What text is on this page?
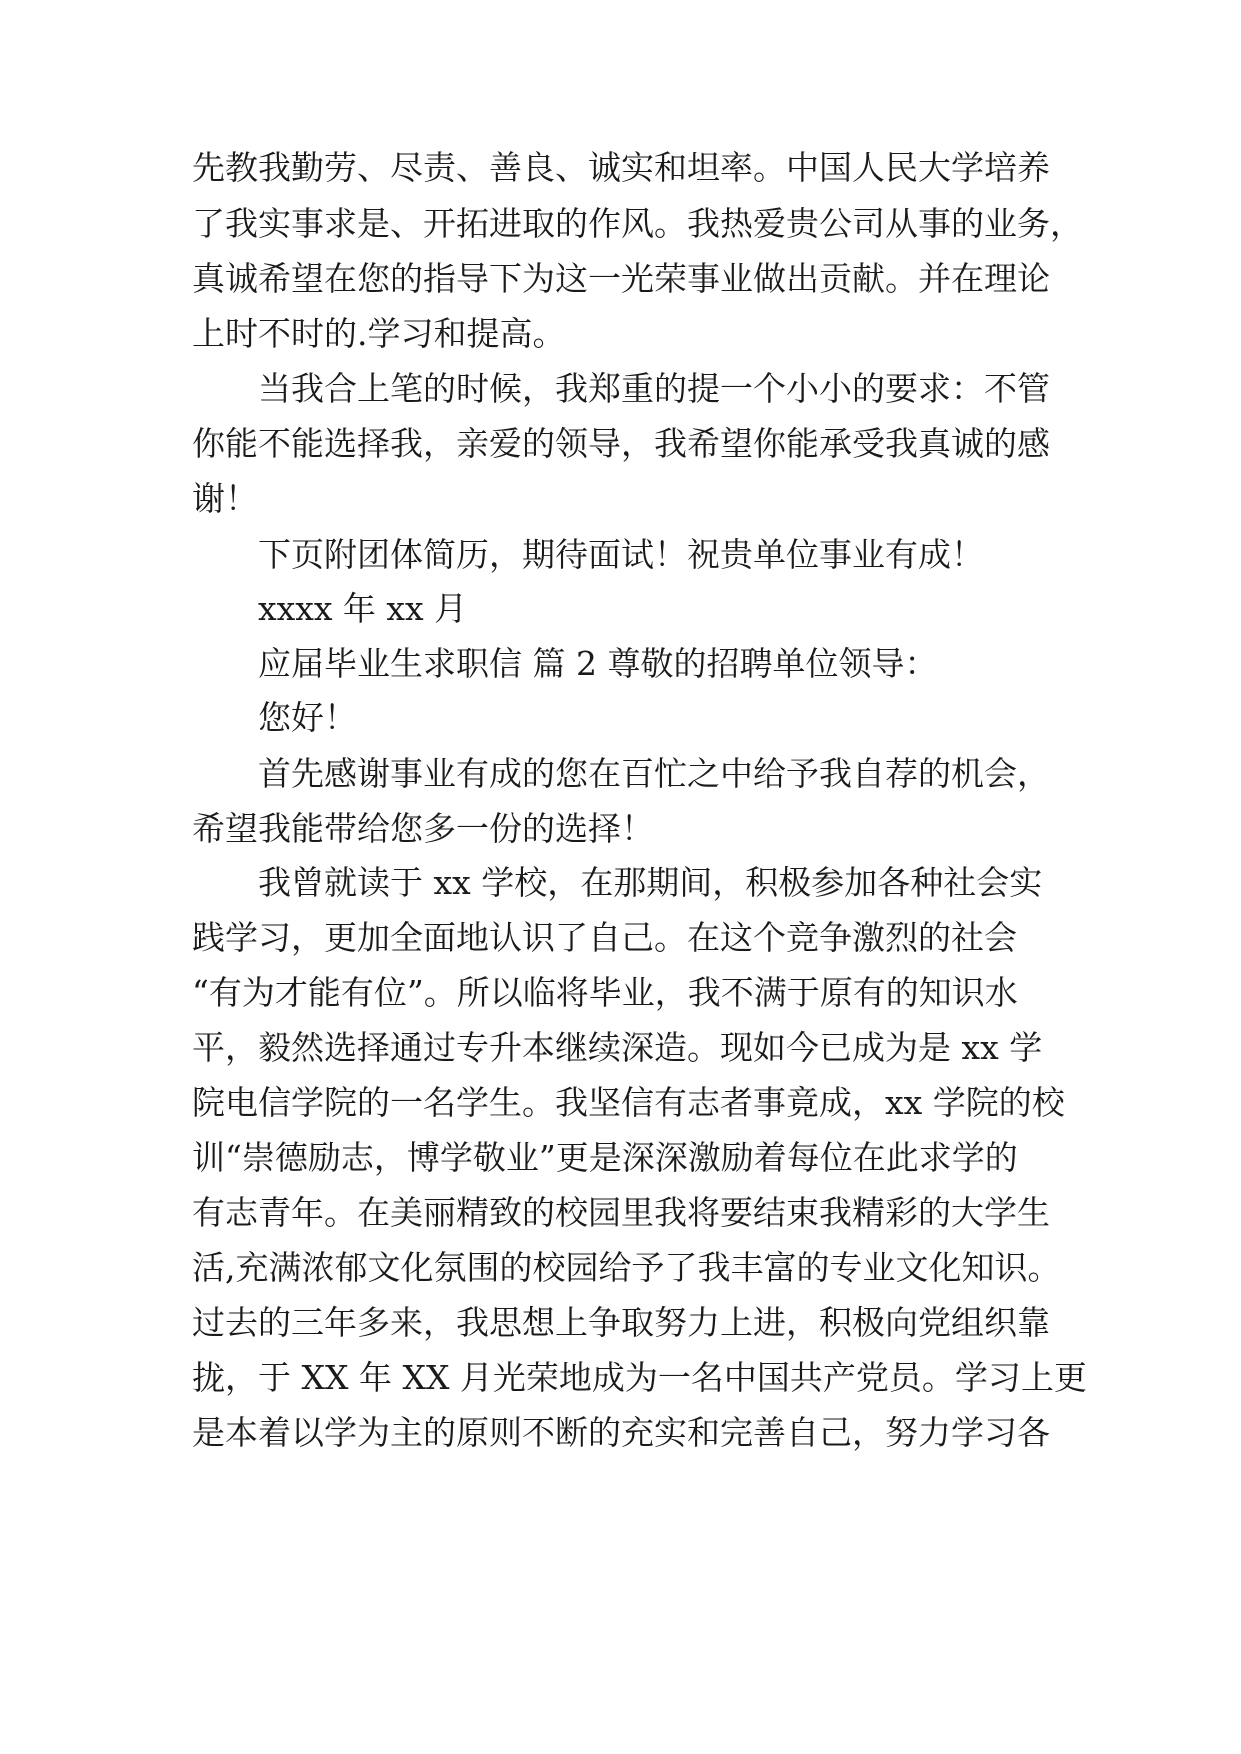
先教我勤劳、尽责、善良、诚实和坦率。中国人民大学培养
了我实事求是、开拓进取的作风。我热爱贵公司从事的业务，
真诚希望在您的指导下为这一光荣事业做出贡献。并在理论
上时不时的.学习和提高。
当我合上笔的时候，我郑重的提一个小小的要求：不管
你能不能选择我，亲爱的领导，我希望你能承受我真诚的感
谢！
下页附团体简历，期待面试！祝贵单位事业有成！
xxxx 年 xx 月
应届毕业生求职信 篇 2 尊敬的招聘单位领导：
您好！
首先感谢事业有成的您在百忙之中给予我自荐的机会，
希望我能带给您多一份的选择！
我曾就读于 xx 学校，在那期间，积极参加各种社会实
践学习，更加全面地认识了自己。在这个竞争激烈的社会
“有为才能有位”。所以临将毕业，我不满于原有的知识水
平，毅然选择通过专升本继续深造。现如今已成为是 xx 学
院电信学院的一名学生。我坚信有志者事竟成，xx 学院的校
训“崇德励志，博学敬业”更是深深激励着每位在此求学的
有志青年。在美丽精致的校园里我将要结束我精彩的大学生
活,充满浓郁文化氛围的校园给予了我丰富的专业文化知识。
过去的三年多来，我思想上争取努力上进，积极向党组织靠
拢，于 XX 年 XX 月光荣地成为一名中国共产党员。学习上更
是本着以学为主的原则不断的充实和完善自己，努力学习各
